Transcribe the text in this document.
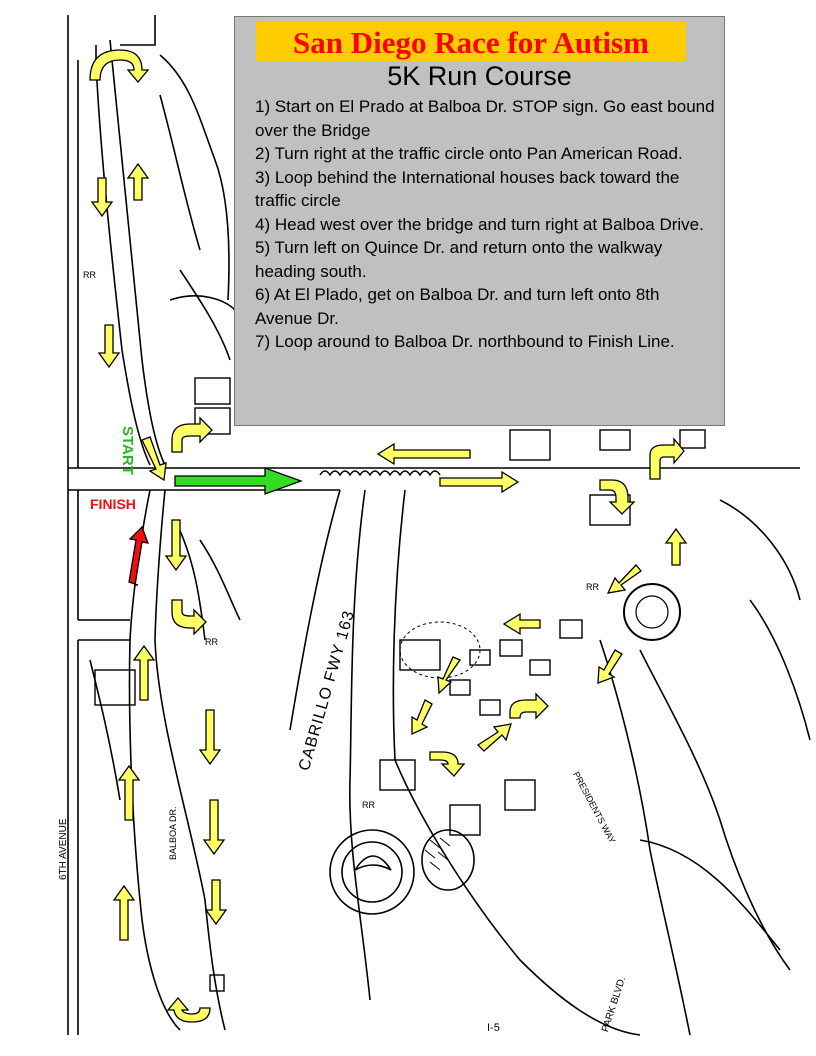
San Diego Race for Autism
5K Run Course
1) Start on El Prado at Balboa Dr. STOP sign. Go east bound over the Bridge
2) Turn right at the traffic circle onto Pan American Road.
3) Loop behind the International houses back toward the traffic circle
4) Head west over the bridge and turn right at Balboa Drive.
5) Turn left on Quince Dr. and return onto the walkway heading south.
6) At El Plado, get on Balboa Dr. and turn left onto 8th Avenue Dr.
7) Loop around to Balboa Dr. northbound to Finish Line.
START
FINISH
CABRILLO FWY 163
6TH AVENUE	BALBOA DR.	PRESIDENTS WAY
PARK BLVD.
I-5
RR
RR
RR
RR
